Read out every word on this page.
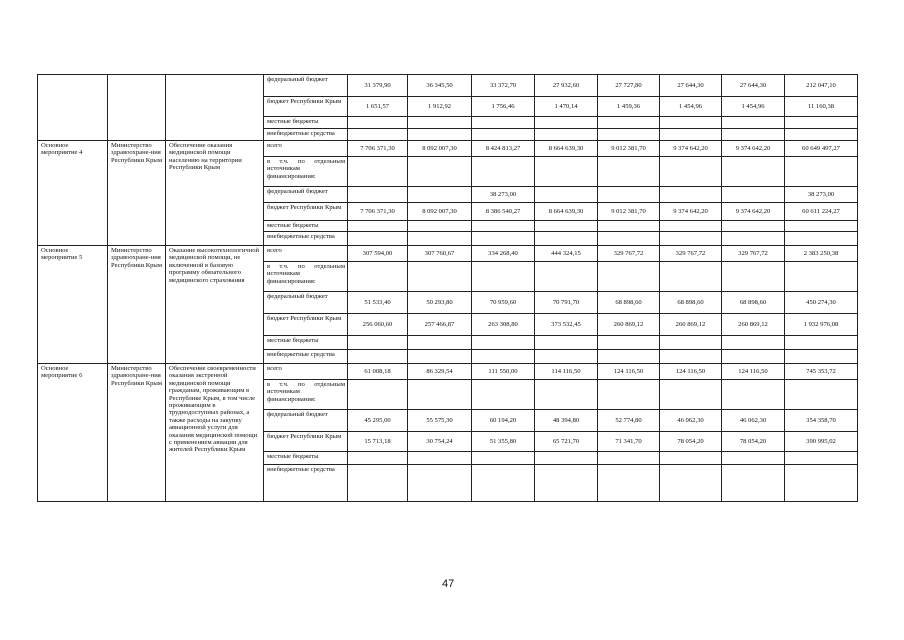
			федеральный бюджет	31 379,90	36 345,50	33 372,70	27 932,60	27 727,80	27 644,30	27 644,30	212 047,10
			бюджет Республики Крым	1 651,57	1 912,92	1 756,46	1 470,14	1 459,36	1 454,96	1 454,96	11 160,38
			местные бюджеты								
			внебюджетные средства								
Основное мероприятие 4	Министерство здравоохране-ния Республики Крым	Обеспечение оказания медицинской помощи населению на территории Республики Крым	всего	7 706 371,30	8 092 007,30	8 424 813,27	8 664 639,30	9 012 381,70	9 374 642,20	9 374 642,20	60 649 497,27
			в т.ч. по отдельным источникам финансирования:								
			федеральный бюджет			38 273,00					38 273,00
			бюджет Республики Крым	7 706 371,30	8 092 007,30	8 386 540,27	8 664 639,30	9 012 381,70	9 374 642,20	9 374 642,20	60 611 224,27
			местные бюджеты								
			внебюджетные средства								
Основное мероприятие 5	Министерство здравоохране-ния Республики Крым	Оказание высокотехнологичной медицинской помощи, не включенной в базовую программу обязательного медицинского страхования	всего	307 594,00	307 760,67	334 268,40	444 324,15	329 767,72	329 767,72	329 767,72	2 383 250,38
			в т.ч. по отдельным источникам финансирования:								
			федеральный бюджет	51 533,40	50 293,80	70 959,60	70 791,70	68 898,60	68 898,60	68 898,60	450 274,30
			бюджет Республики Крым	256 060,60	257 466,87	263 308,80	373 532,45	260 869,12	260 869,12	260 869,12	1 932 976,08
			местные бюджеты								
			внебюджетные средства								
Основное мероприятие 6	Министерство здравоохране-ния Республики Крым	Обеспечение своевременности оказания экстренной медицинской помощи гражданам, проживающим в Республике Крым, в том числе проживающим в труднодоступных районах, а также расходы на закупку авиационной услуги для оказания медицинской помощи с применением авиации для жителей Республики Крым	всего	61 008,18	86 329,54	111 550,00	114 116,50	124 116,50	124 116,50	124 116,50	745 353,72
			в т.ч. по отдельным источникам финансирования:								
			федеральный бюджет	45 295,00	55 575,30	60 194,20	48 394,80	52 774,80	46 062,30	46 062,30	354 358,70
			бюджет Республики Крым	15 713,18	30 754,24	51 355,80	65 721,70	71 341,70	78 054,20	78 054,20	390 995,02
			местные бюджеты								
			внебюджетные средства								
47
